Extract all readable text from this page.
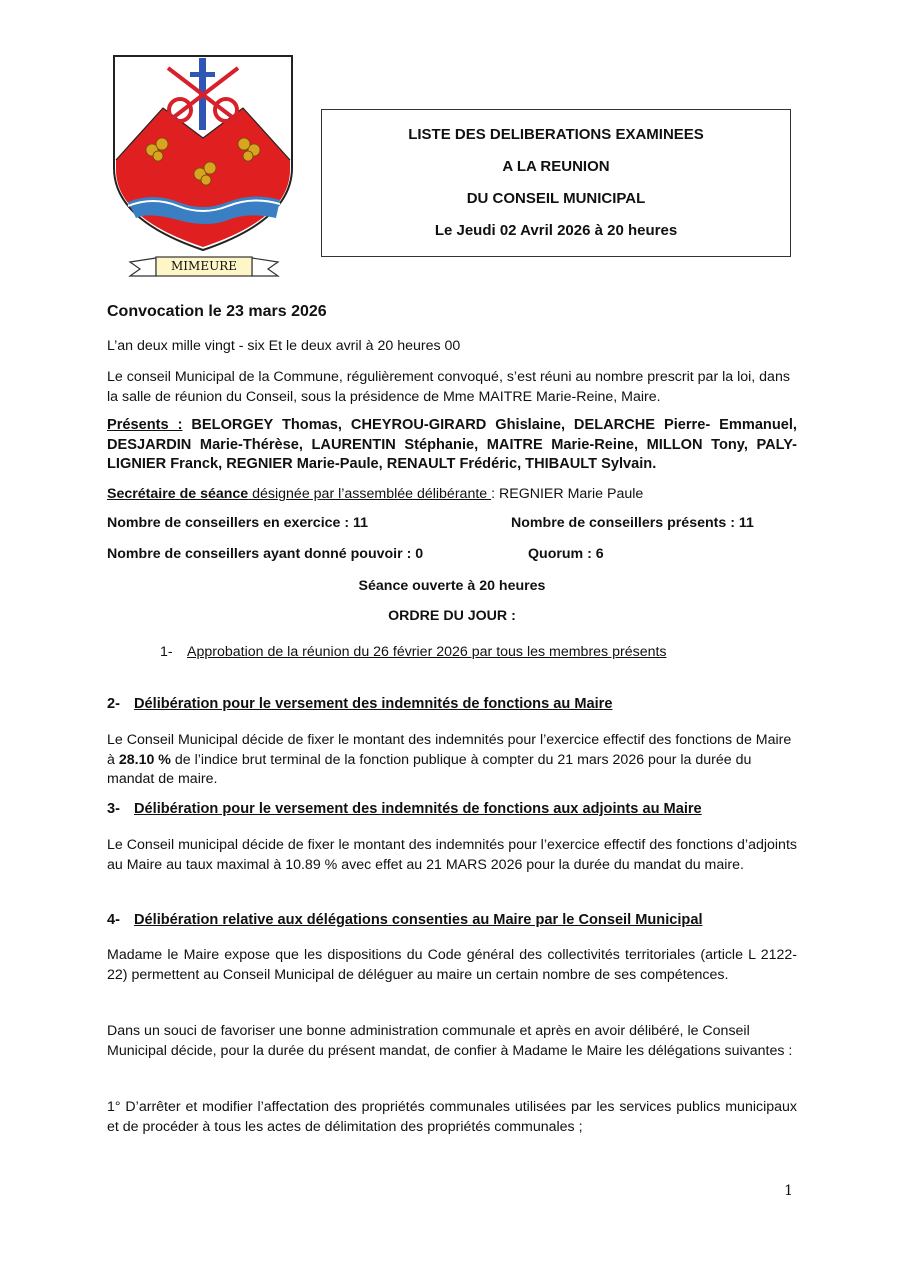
MIMEURE
LISTE DES DELIBERATIONS EXAMINEES
A LA REUNION
DU CONSEIL MUNICIPAL
Le Jeudi 02 Avril 2026 à 20 heures
Convocation le 23 mars 2026
L’an deux mille vingt - six Et le deux avril à 20 heures 00
Le conseil Municipal de la Commune, régulièrement convoqué, s’est réuni au nombre prescrit par la loi, dans la salle de réunion du Conseil, sous la présidence de Mme MAITRE Marie-Reine, Maire.
Présents : BELORGEY Thomas, CHEYROU-GIRARD Ghislaine, DELARCHE Pierre- Emmanuel, DESJARDIN Marie-Thérèse, LAURENTIN Stéphanie, MAITRE Marie-Reine, MILLON Tony, PALY-LIGNIER Franck, REGNIER Marie-Paule, RENAULT Frédéric, THIBAULT Sylvain.
Secrétaire de séance désignée par l’assemblée délibérante : REGNIER Marie Paule
Nombre de conseillers en exercice : 11	Nombre de conseillers présents : 11
Nombre de conseillers ayant donné pouvoir : 0	Quorum : 6
Séance ouverte à 20 heures
ORDRE DU JOUR :
1- Approbation de la réunion du 26 février 2026 par tous les membres présents
2- Délibération pour le versement des indemnités de fonctions au Maire
Le Conseil Municipal décide de fixer le montant des indemnités pour l’exercice effectif des fonctions de Maire à 28.10 % de l’indice brut terminal de la fonction publique à compter du 21 mars 2026 pour la durée du mandat de maire.
3- Délibération pour le versement des indemnités de fonctions aux adjoints au Maire
Le Conseil municipal décide de fixer le montant des indemnités pour l’exercice effectif des fonctions d’adjoints au Maire au taux maximal à 10.89 % avec effet au 21 MARS 2026 pour la durée du mandat du maire.
4- Délibération relative aux délégations consenties au Maire par le Conseil Municipal
Madame le Maire expose que les dispositions du Code général des collectivités territoriales (article L 2122-22) permettent au Conseil Municipal de déléguer au maire un certain nombre de ses compétences.
Dans un souci de favoriser une bonne administration communale et après en avoir délibéré, le Conseil Municipal décide, pour la durée du présent mandat, de confier à Madame le Maire les délégations suivantes :
1° D’arrêter et modifier l’affectation des propriétés communales utilisées par les services publics municipaux et de procéder à tous les actes de délimitation des propriétés communales ;
1
